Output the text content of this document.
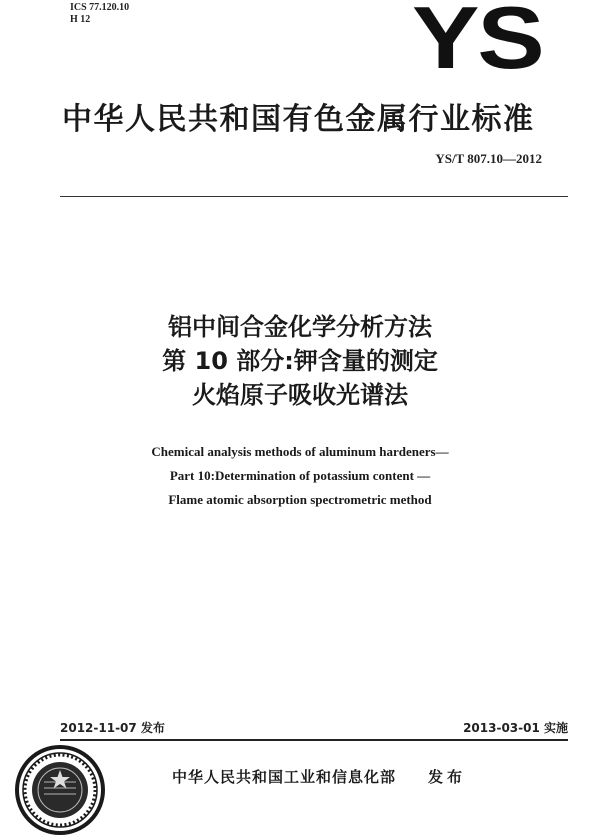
ICS 77.120.10
H 12	YS
中华人民共和国有色金属行业标准
YS/T 807.10—2012
铝中间合金化学分析方法
第 10 部分:钾含量的测定
火焰原子吸收光谱法
Chemical analysis methods of aluminum hardeners—
Part 10:Determination of potassium content —
Flame atomic absorption spectrometric method
2012-11-07 发布	2013-03-01 实施
中华人民共和国工业和信息化部 发布
